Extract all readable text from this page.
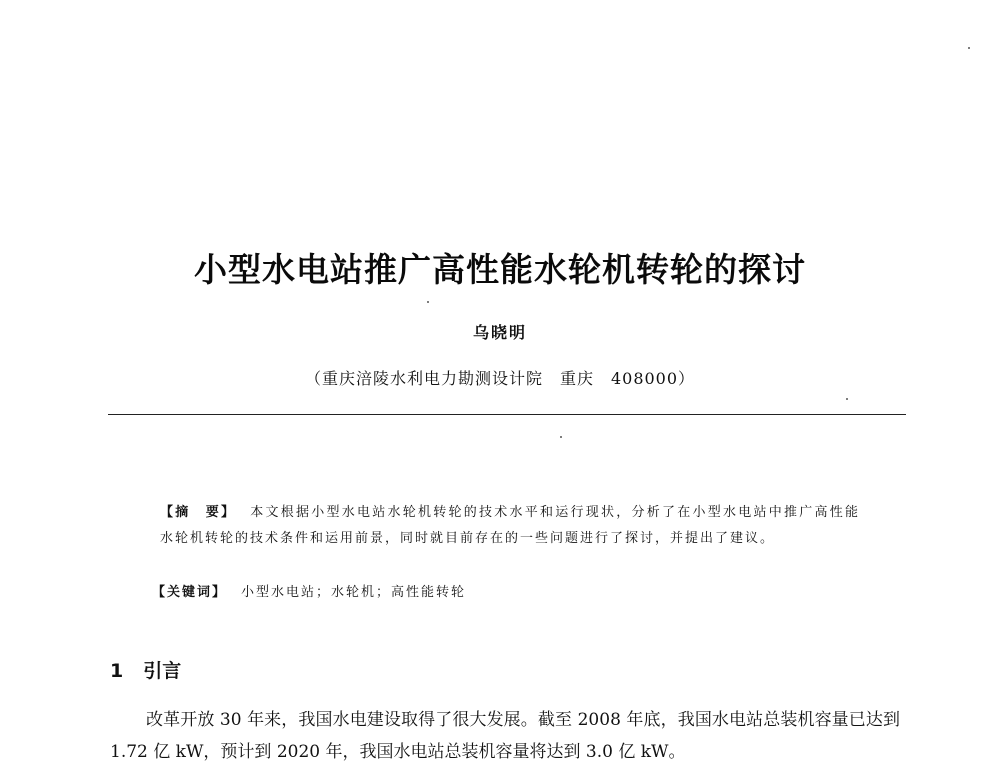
小型水电站推广高性能水轮机转轮的探讨
乌晓明
（重庆涪陵水利电力勘测设计院　重庆　408000）
【摘　要】 本文根据小型水电站水轮机转轮的技术水平和运行现状，分析了在小型水电站中推广高性能水轮机转轮的技术条件和运用前景，同时就目前存在的一些问题进行了探讨，并提出了建议。
【关键词】 小型水电站；水轮机；高性能转轮
1 引言
改革开放 30 年来，我国水电建设取得了很大发展。截至 2008 年底，我国水电站总装机容量已达到 1.72 亿 kW，预计到 2020 年，我国水电站总装机容量将达到 3.0 亿 kW。
